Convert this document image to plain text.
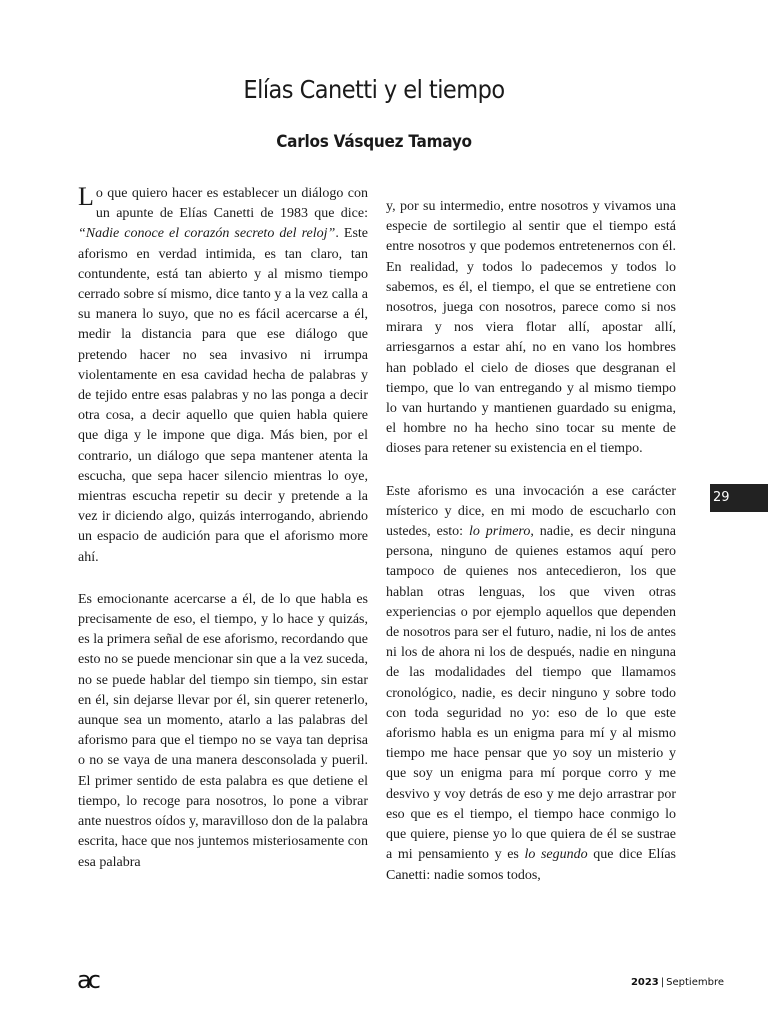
Elías Canetti y el tiempo
Carlos Vásquez Tamayo

Lo que quiero hacer es establecer un diálogo con un apunte de Elías Canetti de 1983 que dice: “Nadie conoce el corazón secreto del reloj”. Este aforismo en verdad intimida, es tan claro, tan contundente, está tan abierto y al mismo tiempo cerrado sobre sí mismo, dice tanto y a la vez calla a su manera lo suyo, que no es fácil acercarse a él, medir la distancia para que ese diálogo que pretendo hacer no sea invasivo ni irrumpa violentamente en esa cavidad hecha de palabras y de tejido entre esas palabras y no las ponga a decir otra cosa, a decir aquello que quien habla quiere que diga y le impone que diga. Más bien, por el contrario, un diálogo que sepa mantener atenta la escucha, que sepa hacer silencio mientras lo oye, mientras escucha repetir su decir y pretende a la vez ir diciendo algo, quizás interrogando, abriendo un espacio de audición para que el aforismo more ahí.

Es emocionante acercarse a él, de lo que habla es precisamente de eso, el tiempo, y lo hace y quizás, es la primera señal de ese aforismo, recordando que esto no se puede mencionar sin que a la vez suceda, no se puede hablar del tiempo sin tiempo, sin estar en él, sin dejarse llevar por él, sin querer retenerlo, aunque sea un momento, atarlo a las palabras del aforismo para que el tiempo no se vaya tan deprisa o no se vaya de una manera desconsolada y pueril. El primer sentido de esta palabra es que detiene el tiempo, lo recoge para nosotros, lo pone a vibrar ante nuestros oídos y, maravilloso don de la palabra escrita, hace que nos juntemos misteriosamente con esa palabra

y, por su intermedio, entre nosotros y vivamos una especie de sortilegio al sentir que el tiempo está entre nosotros y que podemos entretenernos con él. En realidad, y todos lo padecemos y todos lo sabemos, es él, el tiempo, el que se entretiene con nosotros, juega con nosotros, parece como si nos mirara y nos viera flotar allí, apostar allí, arriesgarnos a estar ahí, no en vano los hombres han poblado el cielo de dioses que desgranan el tiempo, que lo van entregando y al mismo tiempo lo van hurtando y mantienen guardado su enigma, el hombre no ha hecho sino tocar su mente de dioses para retener su existencia en el tiempo.

Este aforismo es una invocación a ese carácter místerico y dice, en mi modo de escucharlo con ustedes, esto: lo primero, nadie, es decir ninguna persona, ninguno de quienes estamos aquí pero tampoco de quienes nos antecedieron, los que hablan otras lenguas, los que viven otras experiencias o por ejemplo aquellos que dependen de nosotros para ser el futuro, nadie, ni los de antes ni los de ahora ni los de después, nadie en ninguna de las modalidades del tiempo que llamamos cronológico, nadie, es decir ninguno y sobre todo con toda seguridad no yo: eso de lo que este aforismo habla es un enigma para mí y al mismo tiempo me hace pensar que yo soy un misterio y que soy un enigma para mí porque corro y me desvivo y voy detrás de eso y me dejo arrastrar por eso que es el tiempo, el tiempo hace conmigo lo que quiere, piense yo lo que quiera de él se sustrae a mi pensamiento y es lo segundo que dice Elías Canetti: nadie somos todos,

29
ac	2023 | Septiembre
